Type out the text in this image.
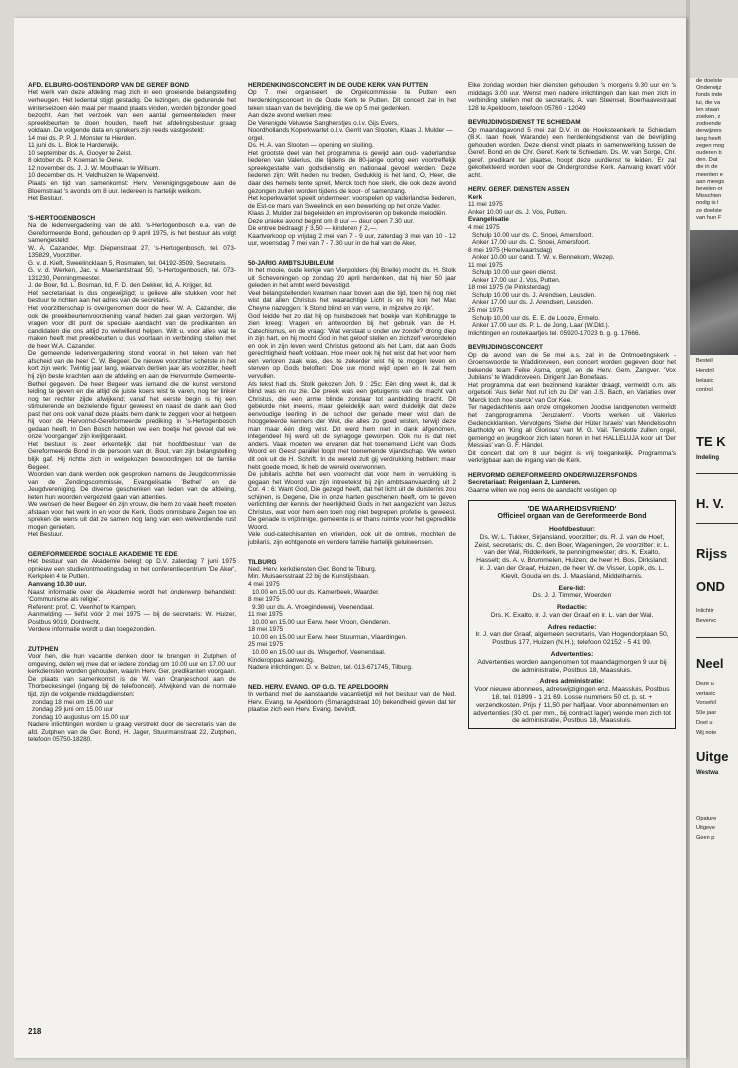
AFD. ELBURG-OOSTENDORP VAN DE GEREF BOND

Het werk van deze afdeling mag zich in een groeiende belangstelling verheugen. Het ledental stijgt gestadig. De lezingen, die gedurende het winterseizoen één maal per maand plaats vinden, worden bijzonder goed bezocht. Aan het verzoek van een aantal gemeenteleden meer spreekbeurten te doen houden, heeft het afdelingsbestuur graag voldaan. De volgende data en sprekers zijn reeds vastgesteld:

14 mei ds. P. P. J. Monster te Hierden.
11 juni ds. L. Blok te Harderwijk.
10 september ds. A. Gooyer te Zeist.
8 oktober ds. P. Koeman te Oene.
12 november ds. J. J. W. Mouthaan te Wilsum.
10 december ds. H. Veldhuizen te Wapenveld.

Plaats en tijd van samenkomst: Herv. Verenigingsgebouw aan de Bloemstraat 's avonds om 8 uur. Iedereen is hartelijk welkom.

Het Bestuur.
'S-HERTOGENBOSCH

Na de ledenvergadering van de afd. 's-Hertogenbosch e.a. van de Gereformeerde Bond, gehouden op 9 april 1975, is het bestuur als volgt samengesteld:

W. A. Cazander, Mgr. Diepenstraat 27, 's-Hertogenbosch, tel. 073-135829, Voorzitter.

G. v. d. Kieft, Sweelincklaan 5, Rosmalen, tel. 04192-3509, Secretaris.

G. v. d. Werken, Jac. v. Maerlantstraat 50, 's-Hertogenbosch, tel. 073-131230, Penningmeester.

J. de Boer, fid. L. Bosman, lid, F. D. den Dekker, lid, A. Krijger, lid.

Het secretariaat is dus ongewijzigd; u gelieve alle stukken voor het bestuur te richten aan het adres van de secretaris.

Het voorzitterschap is overgenomen door de heer W. A. Cazander, die ook de preekbeurtenvoorziening vanaf heden zal gaan verzorgen. Wij vragen voor dit punt de speciale aandacht van de predikanten en candidaten die ons altijd zo welwillend helpen. Wilt u, voor alles wat te maken heeft met preekbeurten u dus voortaan in verbinding stellen met de heer W.A. Cazander.

De gemeende ledenvergadering stond vooral in het teken van het afscheid van de heer C. W. Begeer. De nieuwe voorzitter schetste in het kort zijn werk: Twintig jaar lang, waarvan dertien jaar als voorzitter, heeft hij zijn beste krachten aan de afdeling en aan de Hervormde Gemeente-Bethel gegeven. De heer Begeer was iemand die de kunst verstond leiding te geven en die altijd de juiste koers wist te varen, nog ter linker nog ter rechter zijde afwijkend; vanaf het eerste begin is hij een stimulerende en bezielende figuur geweest en naast de dank aan God past het ons ook vanaf deze plaats hem dank te zeggen voor al hetgeen hij voor de Hervormd-Gereformeerde prediking in 's-Hertogenbosch gedaan heeft. In Den Bosch hebben we een boetje het gevoel dat we onze 'voorganger' zijn kwijtgeraakt.

Het bestuur is zeer erkentelijk dat het hoofdbestuur van de Gereformeerde Bond in de persoon van dr. Bout, van zijn belangstelling blijk gaf. Hij richtte zich in welgekozen bewoordingen tot de familie Begeer.

Woorden van dank werden ook gesproken namens de Jeugdcommissie van de Zendingscommissie, Evangelisatie 'Bethel' en de Jeugdvereniging. De diverse geschenken van leden van de afdeling, lieten hun woorden vergezeld gaan van attenties.

We wensen de heer Begeer én zijn vrouw, die hem zo vaak heeft moeten afstaan voor het werk in en voor de Kerk, Gods onmisbare Zegen toe en spreken de wens uit dat ze samen nog lang van een welverdiende rust mogen genieten.

Het Bestuur.
GEREFORMEERDE SOCIALE AKADEMIE TE EDE

Het bestuur van de Akademie belegt op D.V. zaterdag 7 juni 1975 opnieuw een studie/ontmoetingsdag in het conferentiecentrum 'De Aker', Kerkplein 4 te Putten.

Aanvang 10.30 uur.

Naast informatie over de Akademie wordt het onderwerp behandeld: 'Communisme als religie'.

Referent: prof. C. Veenhof te Kampen.

Aanmelding — liefst vóór 2 mei 1975 — bij de secretaris: W. Huizer, Postbus 9019, Dordrecht.

Verdere informatie wordt u dan toegezonden.

ZUTPHEN

Voor hen, die hun vacantie denken door te brengen in Zutphen of omgeving, delen wij mee dat er iedere zondag om 10.00 uur en 17.00 uur kerkdiensten worden gehouden, waarin Herv. Ger. predikanten voorgaan. De plaats van samenkomst is de W. van Oranjeschool aan de Thorbeckesingel (ingang bij de telefooncel). Afwijkend van de normale tijd, zijn de volgende middagdiensten:

zondag 18 mei om 16.00 uur
zondag 29 juni om 15.00 uur
zondag 10 augustus om 15.00 uur

Nadere inlichtingen worden u graag verstrekt door de secretaris van de afd. Zutphen van de Ger. Bond, H. Jager, Stuurmanstraat 22, Zutphen, telefoon 05750-18280.

HERDENKINGSCONCERT IN DE OUDE KERK VAN PUTTEN

Op 7 mei organiseert de Orgelcommissie te Putten een herdenkingsconcert in de Oude Kerk te Putten. Dit concert zal in het teken staan van de bevrijding, die we op 5 mei gedenken.

Aan deze avond werken mee:
De Verenigde Veluwse Sangherstjes o.l.v. Gijs Evers,
Noordhollands Koperkwartet o.l.v. Gerrit van Slooten, Klaas J. Mulder — orgel.
Ds. H. A. van Slooten — opening en sluiting.

Het grootste deel van het programma is gewijd aan oud- vaderlandse liederen van Valerius, die tijdens de 80-jarige oorlog een voortreffelijk spreekgestalte van godsdienstig en nationaal gevoel werden. Deze liederen zijn: Wilt heden nu treden, Gedukkig is het land, O, Heer, die daar des hemels tente spreit, Merck toch hoe sterk, die ook deze avond gezongen zullen worden tijdens de koor- of samenzang.

Het koperkwartet speelt ondermeer: voorspelen op vaderlandse liederen, de Est-ce mars van Sweelinck en een bewerking op het onze Vader.

Klaas J. Mulder zal begeleiden en improviseren op bekende melodiën.

Deze unieke avond begint om 8 uur — deur open 7.30 uur.

De entree bedraagt ƒ 3,50 — kinderen ƒ 2,—.

Kaartverkoop op vrijdag 2 mei van 7 - 9 uur, zaterdag 3 mei van 10 - 12 uur, woensdag 7 mei van 7 - 7.30 uur in de hal van de Aker.

50-JARIG AMBTSJUBILEUM

In het mooie, oude kerkje van Vierpolders (bij Brielle) mocht ds. H. Stolk uit Scheveningen op zondag 20 april herdenken, dat hij hier 50 jaar geleden in het ambt werd bevestigd.

Veel belangstellenden kwamen naar boven aan die tijd, toen hij nog niet wist dat allen Christus het waarachtige Licht is en hij kon het Mac Cheyne nazeggen: 'k Stond blind en van verre, in mijzelve zo rijk'.

God leidde het zo dat hij op huisbezoek het boekje van Kohlbrugge te zien kreeg: Vragen en antwoorden bij het gebruik van de H. Catechismus, en de vraag: 'Wat verstaat u onder uw zonde? drong diep in zijn hart, en hij mocht God in het geloof stellen en zichzelf veroordelen en ook in zijn leven werd Christus getoond als het Lam, dat aan Gods gerechtigheid heeft voldaan. Hoe meer ook hij het wist dat het voor hem een verloren zaak was, des te zekerder wist hij te mogen leven en sterven op Gods beloften: Doe uw mond wijd open en Ik zal hem vervullen.

Als tekst had ds. Stolk gekozen Joh. 9 : 25c: Eén ding weet ik, dat ik blind was en nu zie. De preek was een getuigenis van de macht van Christus, die een arme blinde zondaar tot aanbidding bracht. Dit gebeurde niet ineens, maar geleidelijk aan werd duidelijk dat deze eenvoudige leerling in de school der genade meer wist dan de hooggeleerde kenners der Wet, die alles zo goed wisten, terwijl deze man maar één ding wist. Dit werd hem niet in dank afgenomen, integendeel hij werd uit de synagoge geworpen. Ook nu is dat niet anders. Vaak moeten we ervaren dat het toenemend Licht van Gods Woord en Geest parallel loopt met toenemende vijandschap. We weten dit ook uit de H. Schrift. In de wereld zult gij verdrukking hebben; maar hebt goede moed, Ik heb de wereld overwonnen.

De jubilaris achtte het een voorrecht dat voor hem in verrukking is gegaan het Woord van zijn intreetekst bij zijn ambtsaanvaarding uit 2 Cor. 4 : 6: Want God, Die gezegd heeft, dat het licht uit de duisternis zou schijnen, is Degene, Die in onze harten geschenen heeft, om te geven verlichting der kennis der heerlijkheid Gods in het aangezicht van Jezus Christus, wat voor hem een toen nog niet begrepen profetie is geweest. De genade is vrijzinnige, gemeente is er thans ruimte voor het gepredikte Woord.

Vele oud-catechisanten en vrienden, ook uit de omtrek, mochten de jubilaris, zijn echtgenote en verdere familie hartelijk gelukwensen.

TILBURG
Ned. Herv. kerkdiensten Ger. Bond te Tilburg.
Min. Muisaersstraat 22 bij de Kunstijsbaan.
4 mei 1975
10.00 en 15.00 uur ds. Kamerbeek, Waarder.
8 mei 1975
9.30 uur ds. A. Vroegindeweij, Veenendaal.
11 mei 1975
10.00 en 15.00 uur Eerw. heer Vroon, Genderen.
18 mei 1975
10.00 en 15.00 uur Eerw. heer Stuurman, Vlaardingen.
25 mei 1975
10.00 en 15.00 uur ds. Wisgerhof, Veenendaal.
Kinderoppas aanwezig.
Nadere inlichtingen: D. v. Belzen, tel. 013-671745, Tilburg.
NED. HERV. EVANG. OP G.G. TE APELDOORN

In verband met de aanstaande vacantietijd wil het bestuur van de Ned. Herv. Evang. te Apeldoorn (Smaragdstraat 10) bekendheid geven dat ter plaatse zich een Herv. Evang. bevindt.

Elke zondag worden hier diensten gehouden 's morgens 9.30 uur en 's middags 3.00 uur. Wenst men nadere inlichtingen dan kan men zich in verbinding stellen met de secretaris, A. van Steensel, Boerhaavestraat 128 te Apeldoorn, telefoon 05760 - 12049

BEVRIJDINGSDIENST TE SCHIEDAM

Op maandagavond 5 mei zal D.V. in de Hoeksteenkerk te Schiedam (B.K. laan hoek Warande) een herdenkingsdienst van de bevrijding gehouden worden. Deze dienst vindt plaats in samenwerking tussen de Geref. Bond en de Chr. Geref. Kerk te Schiedam. Ds. W. van Sorge, Chr. geref. predikant ter plaatse, hoopt deze uurdienst te leiden. Er zal gekollekteerd worden voor de Ondergrondse Kerk. Aanvang kwart vóór acht.

HERV. GEREF. DIENSTEN ASSEN
Kerk
11 mei 1975
Anker 10.00 uur ds. J. Vos, Putten.
Evangelisatie
4 mei 1975
Schulp 10.00 uur ds. C. Snoei, Amersfoort.
Anker 17.00 uur ds. C. Snoei, Amersfoort.
8 mei 1975 (Hemelvaartsdag)
Anker 10.00 uur cand. T. W. v. Bennekom, Wezep.
11 mei 1975
Schulp 10.00 uur geen dienst.
Anker 17.00 uur J. Vos, Putten.
18 mei 1975 (Ie Pinksterdag)
Schulp 10.00 uur ds. J. Arendsen, Leusden.
Anker 17.00 uur ds. J. Arendsen, Leusden.
25 mei 1975
Schulp 10.00 uur ds. E. E. de Looze, Ermelo.
Anker 17.00 uur ds. P. L. de Jong, Laar (W.Dld.).

Inlichtingen en routekaartjes tel. 05920-17023 b. g. g. 17666.

BEVRIJDINGSCONCERT

Op de avond van de 5e mei a.s. zal in de Ontmoetingskerk - Groenswoorde te Waddinxveen, een concert worden gegeven door het bekende team Feike Asma, orgel, en de Herv. Gem. Zangver. 'Vox Jubilans' te Waddinxveen. Dirigent Jan Bonefaas.

Het programma dat een bezinnend karakter draagt, vermeldt o.m. als orgelsoli 'Aus tiefer Not ruf ich zu Dir' van J.S. Bach, en Variaties over 'Merck toch hoe sterck' van Cor Kee.

Ter nagedachtenis aan onze omgekomen Joodse landgenoten vermeldt het zangprogramma 'Jeruzalem'. Voorts werken uit Valerius Gedenckklanken. Vervolgens 'Siehe der Hüter Israels' van Mendelssohn Bartholdy en 'King all Glorious' van M. G. Vail. Tenslotte zullen orgel, gemengd en jeugdkoor zich laten horen in het HALLELUJA koor uit 'Der Messias' van G. F. Händel.

Dit concert dat om 8 uur begint is vrij toegankelijk. Programma's verkrijgbaar aan de ingang van de Kerk.

HERVORMD GEREFORMEERD ONDERWIJZERSFONDS
Secretariaat: Reigenlaan 2, Lunteren.

Gaarne willen we nog eens de aandacht vestigen op

'DE WAARHEIDSVRIEND'
Officieel orgaan van de Gereformeerde Bond
Hoofdbestuur:

Ds. W. L. Tukker, Sirjansland, voorzitter; ds. R. J. van de Hoef, Zeist, secretaris; ds. C. den Boer, Wageningen, 2e voorzitter; ir. L. van der Wal, Ridderkerk, te penningmeester; drs. K. Exalto, Hasselt; ds. A. v. Brummelen, Huizen; de heer H. Bos, Dirksland; ir. J. van der Graaf, Huizen, de heer W. de Visser, Lopik, ds. L. Kievit, Gouda en ds. J. Maasland, Middelharnis.

Eere-lid:

Ds. J. J. Timmer, Woerden

Redactie:

Drs. K. Exalto, ir. J. van der Graaf en ir. L. van der Wal.

Adres redactie:

Ir. J. van der Graaf, algemeen secretaris, Van Hogendorplaan 50, Postbus 177, Huizen (N.H.), telefoon 02152 - 5 41 99.

Advertenties:

Advertenties worden aangenomen tot maandagmorgen 9 uur bij de administratie, Postbus 18, Maassluis.

Adres administratie:

Voor nieuwe abonnees, adreswijzigingen enz. Maassluis, Postbus 18, tel. 01899 - 1 21 69. Losse nummers 50 ct. p. st. + verzendkosten. Prijs ƒ 11,50 per halfjaar. Voor abonnementen en advertenties (30 ct. per mm., bij contract lager) wende men zich tot de administratie, Postbus 18, Maassluis.

218
de doelste
Onderwijz
fonds inde
lui, die va
len staan
zoeken, z
zodoende
derwijzers
lang heeft
zegen mog
ouderen b
den. Dat
die in de
meenten e
aan meegs
bevelen or
Misschien
nodig is l
ze doelste
van hun F
Bestell
Hendril
belasic
control
TE K
Indeling
H. V.
Rijss
OND
Inlichtir
Bevervc
Neel
Deze u
vertasic
Vorsehil
50e jaar
Doet u
Wij note
Uitge
Westwa
Opature
Uitgeve
Geen p
